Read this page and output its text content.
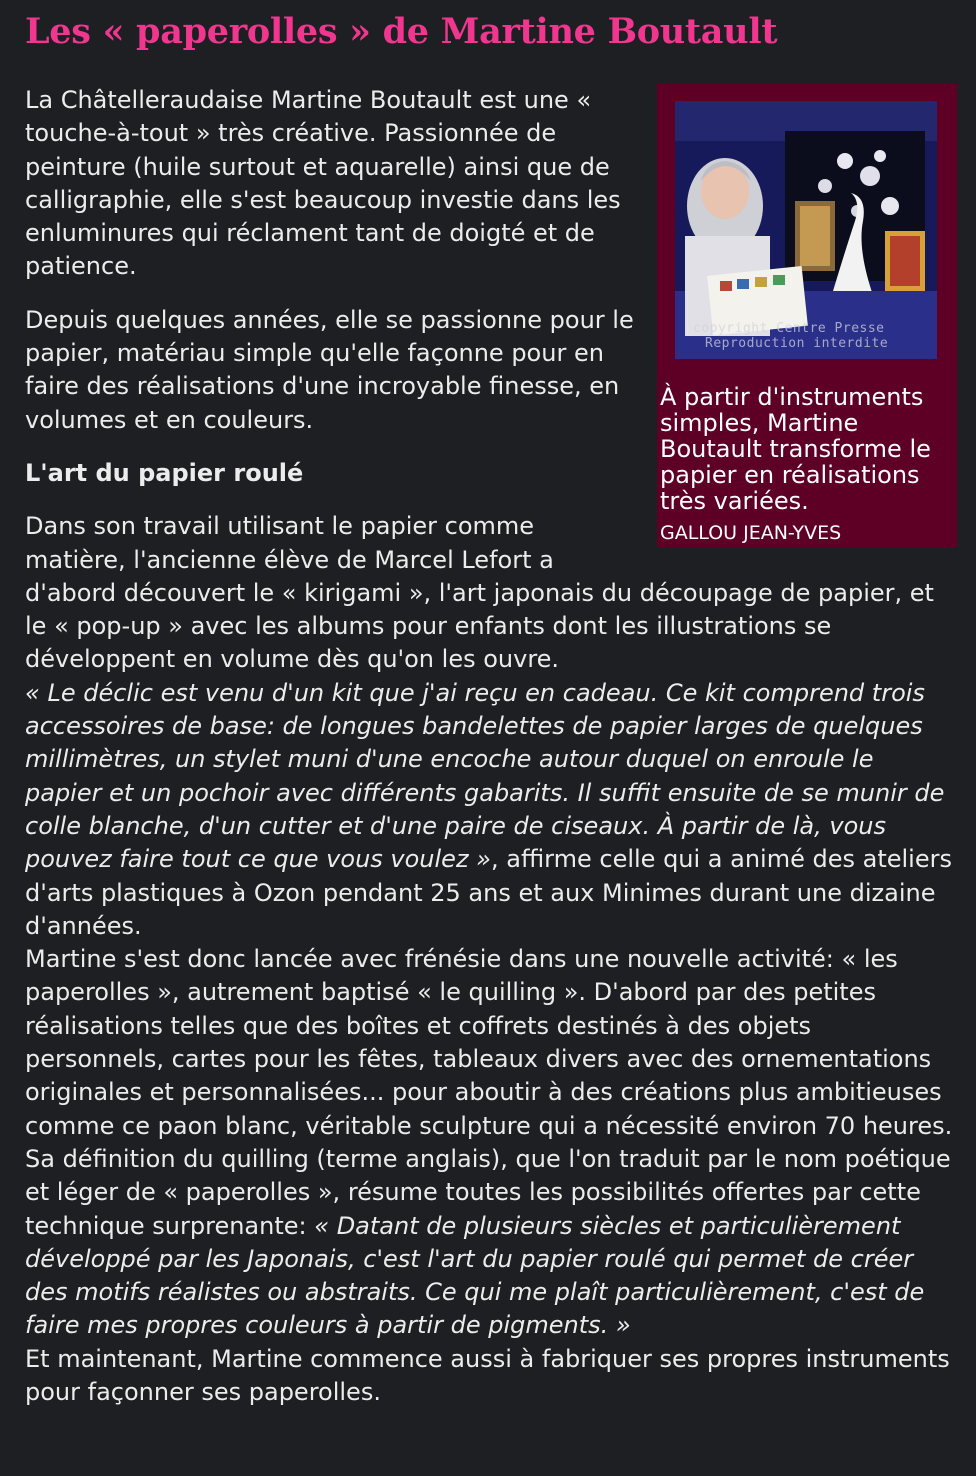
Les « paperolles » de Martine Boutault
copyright Centre Presse
Reproduction interdite
À partir d'instruments simples, Martine Boutault transforme le papier en réalisations très variées.
GALLOU JEAN-YVES

La Châtelleraudaise Martine Boutault est une « touche-à-tout » très créative. Passionnée de peinture (huile surtout et aquarelle) ainsi que de calligraphie, elle s'est beaucoup investie dans les enluminures qui réclament tant de doigté et de patience.

Depuis quelques années, elle se passionne pour le papier, matériau simple qu'elle façonne pour en faire des réalisations d'une incroyable finesse, en volumes et en couleurs.

L'art du papier roulé

Dans son travail utilisant le papier comme matière, l'ancienne élève de Marcel Lefort a d'abord découvert le « kirigami », l'art japonais du découpage de papier, et le « pop-up » avec les albums pour enfants dont les illustrations se développent en volume dès qu'on les ouvre.
« Le déclic est venu d'un kit que j'ai reçu en cadeau. Ce kit comprend trois accessoires de base: de longues bandelettes de papier larges de quelques millimètres, un stylet muni d'une encoche autour duquel on enroule le papier et un pochoir avec différents gabarits. Il suffit ensuite de se munir de colle blanche, d'un cutter et d'une paire de ciseaux. À partir de là, vous pouvez faire tout ce que vous voulez », affirme celle qui a animé des ateliers d'arts plastiques à Ozon pendant 25 ans et aux Minimes durant une dizaine d'années.
Martine s'est donc lancée avec frénésie dans une nouvelle activité: « les paperolles », autrement baptisé « le quilling ». D'abord par des petites réalisations telles que des boîtes et coffrets destinés à des objets personnels, cartes pour les fêtes, tableaux divers avec des ornementations originales et personnalisées... pour aboutir à des créations plus ambitieuses comme ce paon blanc, véritable sculpture qui a nécessité environ 70 heures.
Sa définition du quilling (terme anglais), que l'on traduit par le nom poétique et léger de « paperolles », résume toutes les possibilités offertes par cette technique surprenante: « Datant de plusieurs siècles et particulièrement développé par les Japonais, c'est l'art du papier roulé qui permet de créer des motifs réalistes ou abstraits. Ce qui me plaît particulièrement, c'est de faire mes propres couleurs à partir de pigments. »
Et maintenant, Martine commence aussi à fabriquer ses propres instruments pour façonner ses paperolles.
